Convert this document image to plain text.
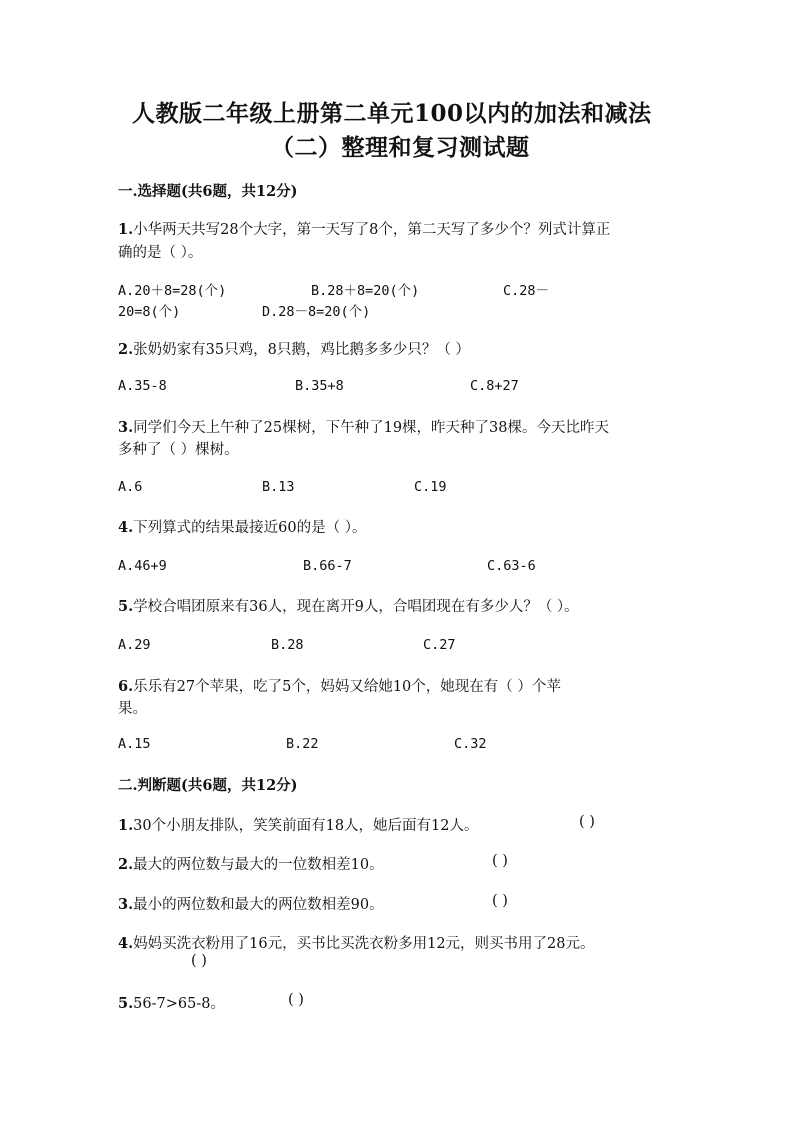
人教版二年级上册第二单元100以内的加法和减法
（二）整理和复习测试题
一.选择题(共6题，共12分)
1.小华两天共写28个大字，第一天写了8个，第二天写了多少个？列式计算正
确的是（ ）。
A.20＋8=28(个)	B.28＋8=20(个)	C.28－
20=8(个)	D.28－8=20(个)
2.张奶奶家有35只鸡，8只鹅，鸡比鹅多多少只？（ ）
A.35-8	B.35+8	C.8+27
3.同学们今天上午种了25棵树，下午种了19棵，昨天种了38棵。今天比昨天
多种了（ ）棵树。
A.6	B.13	C.19
4.下列算式的结果最接近60的是（ ）。
A.46+9	B.66-7	C.63-6
5.学校合唱团原来有36人，现在离开9人，合唱团现在有多少人？（ ）。
A.29	B.28	C.27
6.乐乐有27个苹果，吃了5个，妈妈又给她10个，她现在有（ ）个苹
果。
A.15	B.22	C.32
二.判断题(共6题，共12分)
1.30个小朋友排队，笑笑前面有18人，她后面有12人。	( )
2.最大的两位数与最大的一位数相差10。	( )
3.最小的两位数和最大的两位数相差90。	( )
4.妈妈买洗衣粉用了16元，买书比买洗衣粉多用12元，则买书用了28元。
( )
5.56-7>65-8。	( )
